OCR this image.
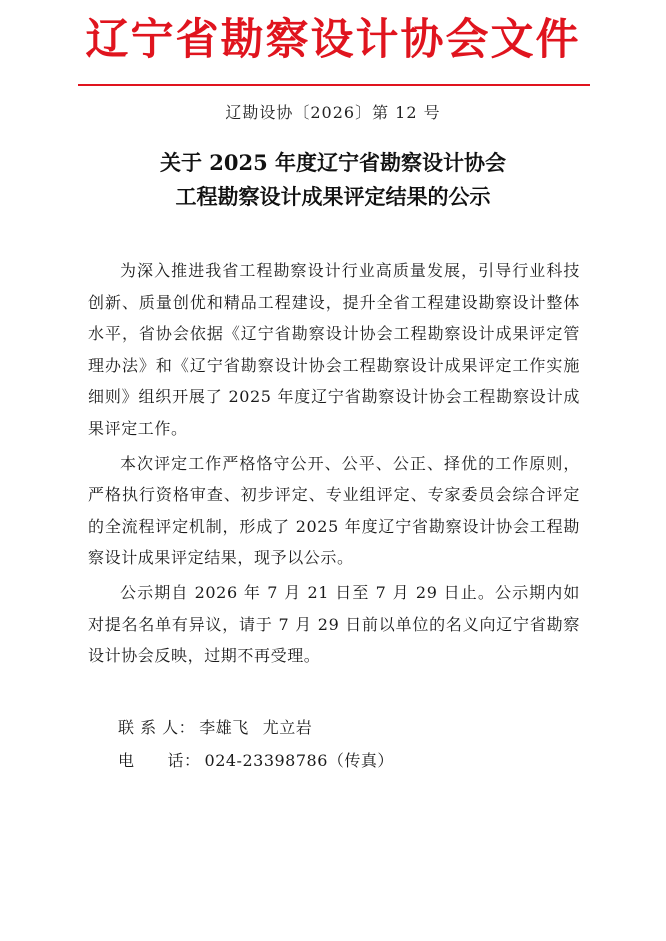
辽宁省勘察设计协会文件
辽勘设协〔2026〕第 12 号
关于 2025 年度辽宁省勘察设计协会
工程勘察设计成果评定结果的公示

为深入推进我省工程勘察设计行业高质量发展，引导行业科技创新、质量创优和精品工程建设，提升全省工程建设勘察设计整体水平，省协会依据《辽宁省勘察设计协会工程勘察设计成果评定管理办法》和《辽宁省勘察设计协会工程勘察设计成果评定工作实施细则》组织开展了 2025 年度辽宁省勘察设计协会工程勘察设计成果评定工作。

本次评定工作严格恪守公开、公平、公正、择优的工作原则，严格执行资格审查、初步评定、专业组评定、专家委员会综合评定的全流程评定机制，形成了 2025 年度辽宁省勘察设计协会工程勘察设计成果评定结果，现予以公示。

公示期自 2026 年 7 月 21 日至 7 月 29 日止。公示期内如对提名名单有异议，请于 7 月 29 日前以单位的名义向辽宁省勘察设计协会反映，过期不再受理。

联 系 人： 李雄飞 尤立岩
电　　话： 024-23398786（传真）
